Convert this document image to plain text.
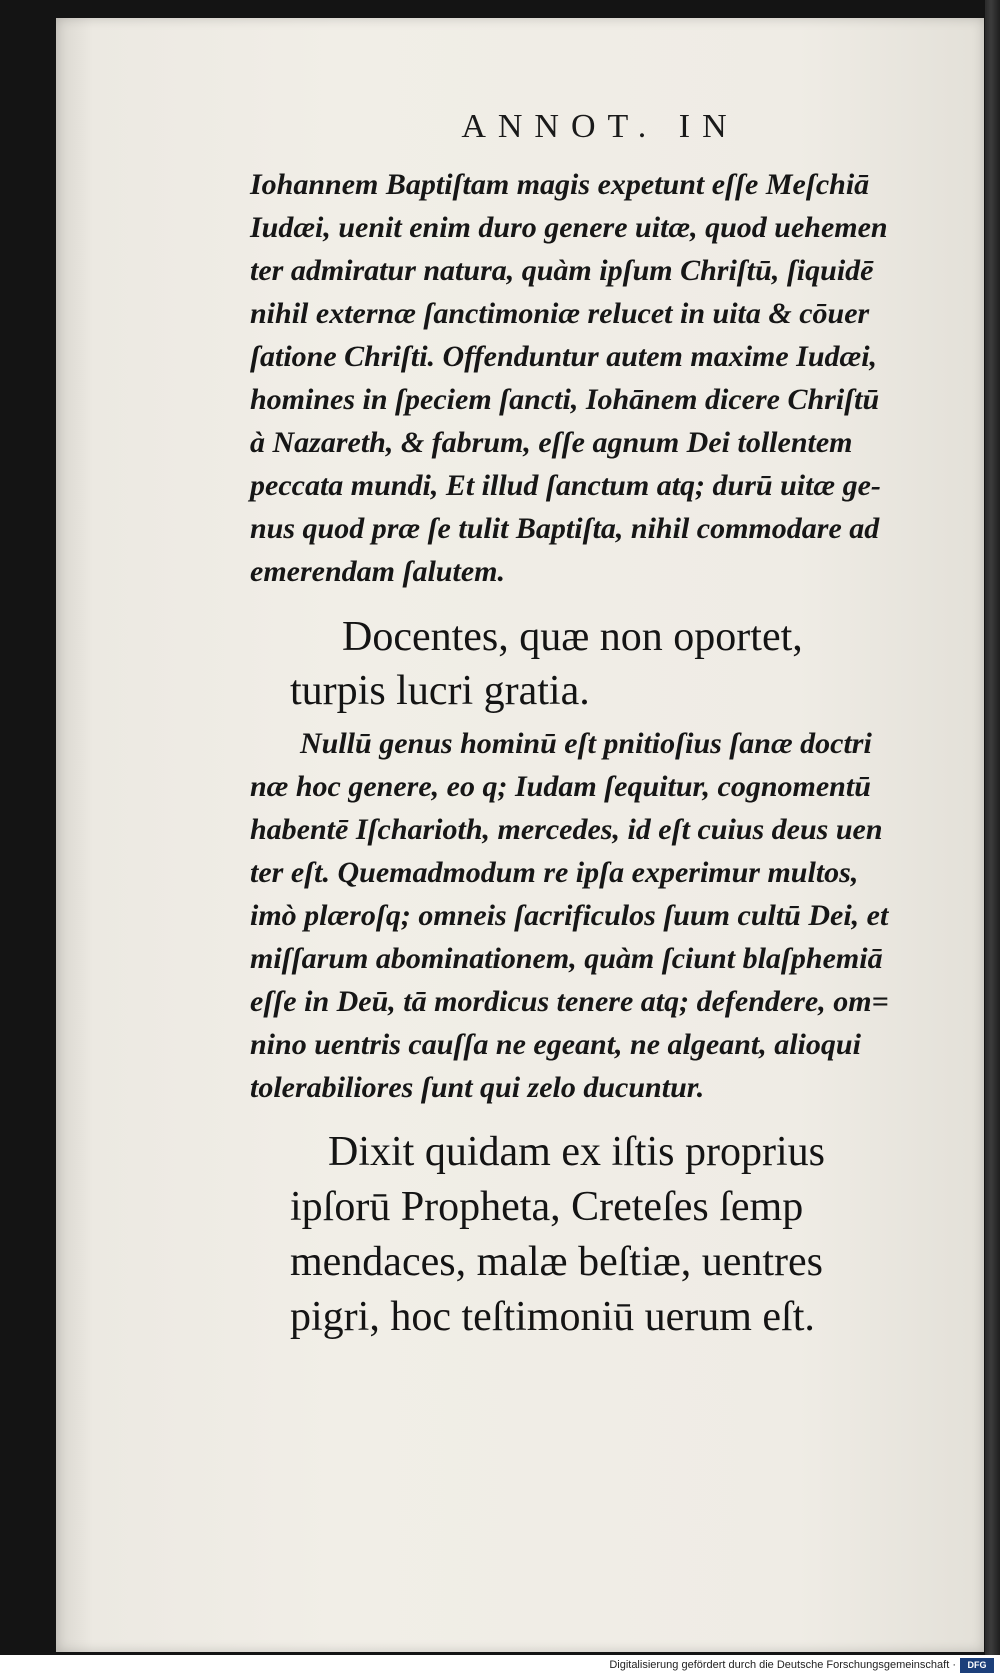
ANNOT. IN
Iohannem Baptiſtam magis expetunt eſſe Meſchiā
Iudæi, uenit enim duro genere uitæ, quod uehemen
ter admiratur natura, quàm ipſum Chriſtū, ſiquidē
nihil externæ ſanctimoniæ relucet in uita & cōuer
ſatione Chriſti. Offenduntur autem maxime Iudæi,
homines in ſpeciem ſancti, Iohānem dicere Chriſtū
à Nazareth, & fabrum, eſſe agnum Dei tollentem
peccata mundi, Et illud ſanctum atq; durū uitæ ge-
nus quod præ ſe tulit Baptiſta, nihil commodare ad
emerendam ſalutem.
Docentes, quæ non oportet,
turpis lucri gratia.
Nullū genus hominū eſt pnitioſius ſanæ doctri
næ hoc genere, eo q; Iudam ſequitur, cognomentū
habentē Iſcharioth, mercedes, id eſt cuius deus uen
ter eſt. Quemadmodum re ipſa experimur multos,
imò plæroſq; omneis ſacrificulos ſuum cultū Dei, et
miſſarum abominationem, quàm ſciunt blaſphemiā
eſſe in Deū, tā mordicus tenere atq; defendere, om=
nino uentris cauſſa ne egeant, ne algeant, alioqui
tolerabiliores ſunt qui zelo ducuntur.
Dixit quidam ex iſtis proprius
ipſorū Propheta, Creteſes ſemp
mendaces, malæ beſtiæ, uentres
pigri, hoc teſtimoniū uerum eſt.
Digitalisierung gefördert durch die Deutsche Forschungsgemeinschaft ·	DFG
